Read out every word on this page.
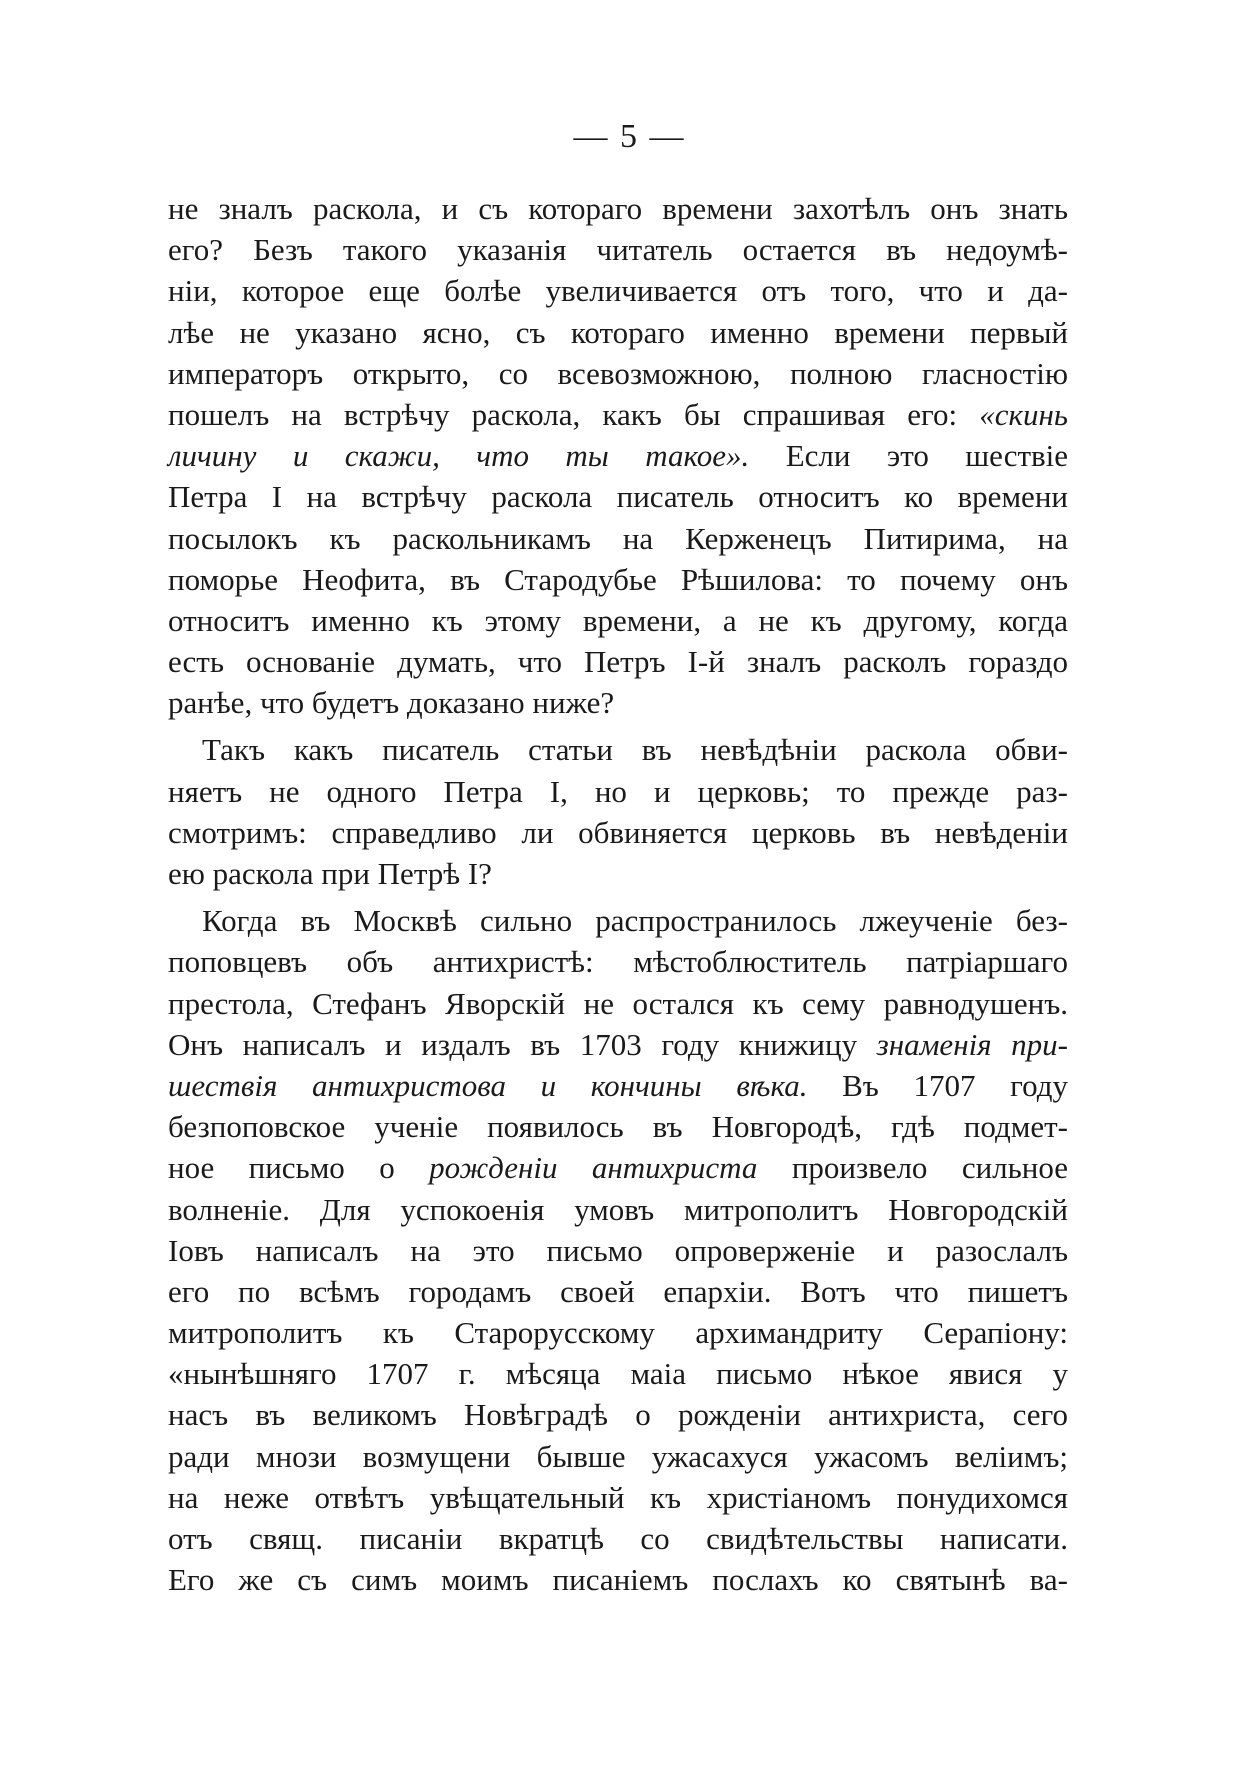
— 5 —
не зналъ раскола, и съ котораго времени захотѣлъ онъ знать
его? Безъ такого указанія читатель остается въ недоумѣ-
ніи, которое еще болѣе увеличивается отъ того, что и да-
лѣе не указано ясно, съ котораго именно времени первый
императоръ открыто, со всевозможною, полною гласностію
пошелъ на встрѣчу раскола, какъ бы спрашивая его: «скинь
личину и скажи, что ты такое». Если это шествіе
Петра I на встрѣчу раскола писатель относитъ ко времени
посылокъ къ раскольникамъ на Керженецъ Питирима, на
поморье Неофита, въ Стародубье Рѣшилова: то почему онъ
относитъ именно къ этому времени, а не къ другому, когда
есть основаніе думать, что Петръ I-й зналъ расколъ гораздо
ранѣе, что будетъ доказано ниже?
Такъ какъ писатель статьи въ невѣдѣніи раскола обви-
няетъ не одного Петра I, но и церковь; то прежде раз-
смотримъ: справедливо ли обвиняется церковь въ невѣденіи
ею раскола при Петрѣ I?
Когда въ Москвѣ сильно распространилось лжеученіе без-
поповцевъ объ антихристѣ: мѣстоблюститель патріаршаго
престола, Стефанъ Яворскій не остался къ сему равнодушенъ.
Онъ написалъ и издалъ въ 1703 году книжицу знаменія при-
шествія антихристова и кончины вѣка. Въ 1707 году
безпоповское ученіе появилось въ Новгородѣ, гдѣ подмет-
ное письмо о рожденіи антихриста произвело сильное
волненіе. Для успокоенія умовъ митрополитъ Новгородскій
Іовъ написалъ на это письмо опроверженіе и разослалъ
его по всѣмъ городамъ своей епархіи. Вотъ что пишетъ
митрополитъ къ Старорусскому архимандриту Серапіону:
«нынѣшняго 1707 г. мѣсяца маіа письмо нѣкое явися у
насъ въ великомъ Новѣградѣ о рожденіи антихриста, сего
ради мнози возмущени бывше ужасахуся ужасомъ велiимъ;
на неже отвѣтъ увѣщательный къ христіаномъ понудихомся
отъ свящ. писаніи вкратцѣ со свидѣтельствы написати.
Его же съ симъ моимъ писаніемъ послахъ ко святынѣ ва-
